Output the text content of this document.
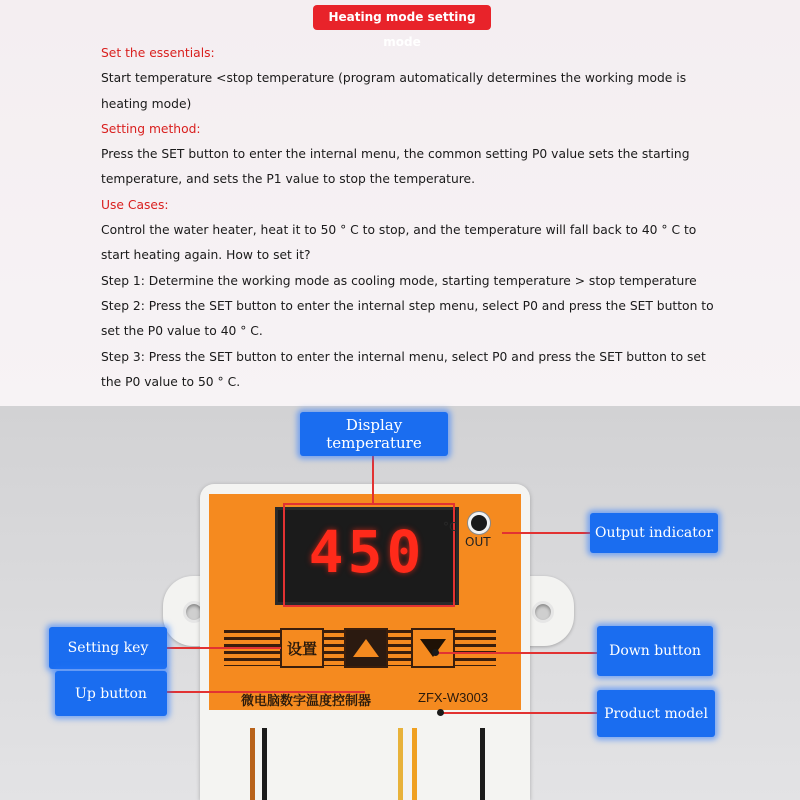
Heating mode setting mode

Set the essentials:

Start temperature <stop temperature (program automatically determines the working mode is

heating mode)

Setting method:

Press the SET button to enter the internal menu, the common setting P0 value sets the starting

temperature, and sets the P1 value to stop the temperature.

Use Cases:

Control the water heater, heat it to 50 ° C to stop, and the temperature will fall back to 40 ° C to

start heating again. How to set it?

Step 1: Determine the working mode as cooling mode, starting temperature > stop temperature

Step 2: Press the SET button to enter the internal step menu, select P0 and press the SET button to

set the P0 value to 40 ° C.

Step 3: Press the SET button to enter the internal menu, select P0 and press the SET button to set

the P0 value to 50 ° C.

450	°C
OUT
设置
微电脑数字温度控制器	ZFX-W3003
Display temperature
Output indicator
Setting key
Up button
Down button
Product model
